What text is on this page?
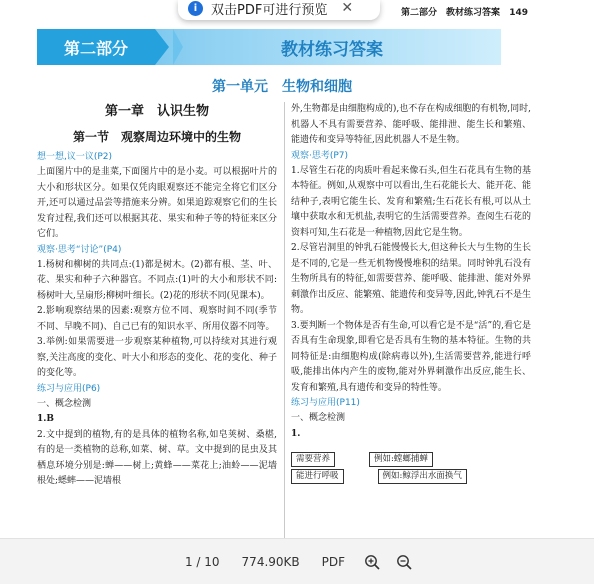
i	双击PDF可进行预览 ✕	第二部分　教材练习答案 149
第二部分	教材练习答案
第一单元　生物和细胞
第一章　认识生物
第一节　观察周边环境中的生物
想一想,议一议(P2)

上面图片中的是韭菜,下面图片中的是小麦。可以根据叶片的大小和形状区分。如果仅凭肉眼观察还不能完全将它们区分开,还可以通过品尝等措施来分辨。如果追踪观察它们的生长发育过程,我们还可以根据其花、果实和种子等的特征来区分它们。

观察·思考“讨论”(P4)

1.杨树和柳树的共同点:(1)都是树木。(2)都有根、茎、叶、花、果实和种子六种器官。不同点:(1)叶的大小和形状不同:杨树叶大,呈扇形;柳树叶细长。(2)花的形状不同(见课本)。

2.影响观察结果的因素:观察方位不同、观察时间不同(季节不同、早晚不同)、自己已有的知识水平、所用仪器不同等。

3.举例:如果需要进一步观察某种植物,可以持续对其进行观察,关注高度的变化、叶大小和形态的变化、花的变化、种子的变化等。

练习与应用(P6)
一、概念检测
1.B

2.文中提到的植物,有的是具体的植物名称,如皂荚树、桑椹,有的是一类植物的总称,如菜、树、草。文中提到的昆虫及其栖息环境分别是:蝉——树上;黄蜂——菜花上;油蛉——泥墙根处;蟋蟀——泥墙根

外,生物都是由细胞构成的),也不存在构成细胞的有机物,同时,机器人不具有需要营养、能呼吸、能排泄、能生长和繁殖、能遗传和变异等特征,因此机器人不是生物。

观察·思考(P7)

1.尽管生石花的肉质叶看起来像石头,但生石花具有生物的基本特征。例如,从观察中可以看出,生石花能长大、能开花、能结种子,表明它能生长、发育和繁殖;生石花长有根,可以从土壤中获取水和无机盐,表明它的生活需要营养。查阅生石花的资料可知,生石花是一种植物,因此它是生物。

2.尽管岩洞里的钟乳石能慢慢长大,但这种长大与生物的生长是不同的,它是一些无机物慢慢堆积的结果。同时钟乳石没有生物所具有的特征,如需要营养、能呼吸、能排泄、能对外界刺激作出反应、能繁殖、能遗传和变异等,因此,钟乳石不是生物。

3.要判断一个物体是否有生命,可以看它是不是“活”的,看它是否具有生命现象,即看它是否具有生物的基本特征。生物的共同特征是:由细胞构成(除病毒以外),生活需要营养,能进行呼吸,能排出体内产生的废物,能对外界刺激作出反应,能生长、发育和繁殖,具有遗传和变异的特性等。

练习与应用(P11)
一、概念检测
1.
需要营养	例如:螳螂捕蝉
能进行呼吸	例如:鲸浮出水面换气
1 / 10	774.90KB	PDF
